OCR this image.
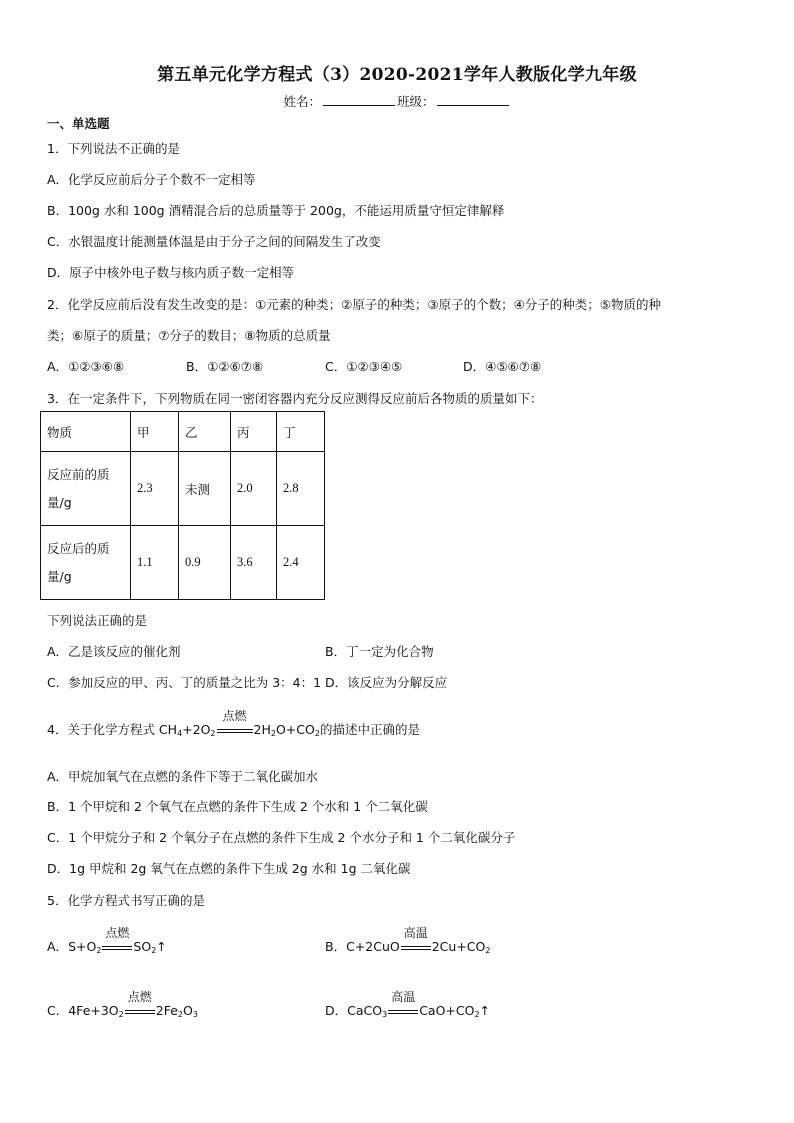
第五单元化学方程式（3）2020-2021学年人教版化学九年级
姓名：	班级：
一、单选题
1．下列说法不正确的是
A．化学反应前后分子个数不一定相等
B．100g 水和 100g 酒精混合后的总质量等于 200g，不能运用质量守恒定律解释
C．水银温度计能测量体温是由于分子之间的间隔发生了改变
D．原子中核外电子数与核内质子数一定相等
2．化学反应前后没有发生改变的是：①元素的种类；②原子的种类；③原子的个数；④分子的种类；⑤物质的种
类；⑥原子的质量；⑦分子的数目；⑧物质的总质量
A．①②③⑥⑧	B．①②⑥⑦⑧	C．①②③④⑤	D．④⑤⑥⑦⑧
3．在一定条件下，下列物质在同一密闭容器内充分反应测得反应前后各物质的质量如下：
物质	甲	乙	丙	丁
反应前的质
量/g	2.3	未测	2.0	2.8
反应后的质
量/g	1.1	0.9	3.6	2.4
下列说法正确的是
A．乙是该反应的催化剂	B．丁一定为化合物
C．参加反应的甲、丙、丁的质量之比为 3：4：1 D．该反应为分解反应
4．关于化学方程式 $CH_4+2O_2$
点燃
$2H_2O+CO_2$的描述中正确的是
A．甲烷加氧气在点燃的条件下等于二氧化碳加水
B．1 个甲烷和 2 个氧气在点燃的条件下生成 2 个水和 1 个二氧化碳
C．1 个甲烷分子和 2 个氧分子在点燃的条件下生成 2 个水分子和 1 个二氧化碳分子
D．1g 甲烷和 2g 氧气在点燃的条件下生成 2g 水和 1g 二氧化碳
5．化学方程式书写正确的是
A．$S+O_2$
点燃
$SO_2↑$	B．C+2CuO
高温
$2Cu+CO_2$
C．$4Fe+3O_2$
点燃
$2Fe_2O_3$	D．CaCO$_3$
高温
$CaO+CO_2↑$
